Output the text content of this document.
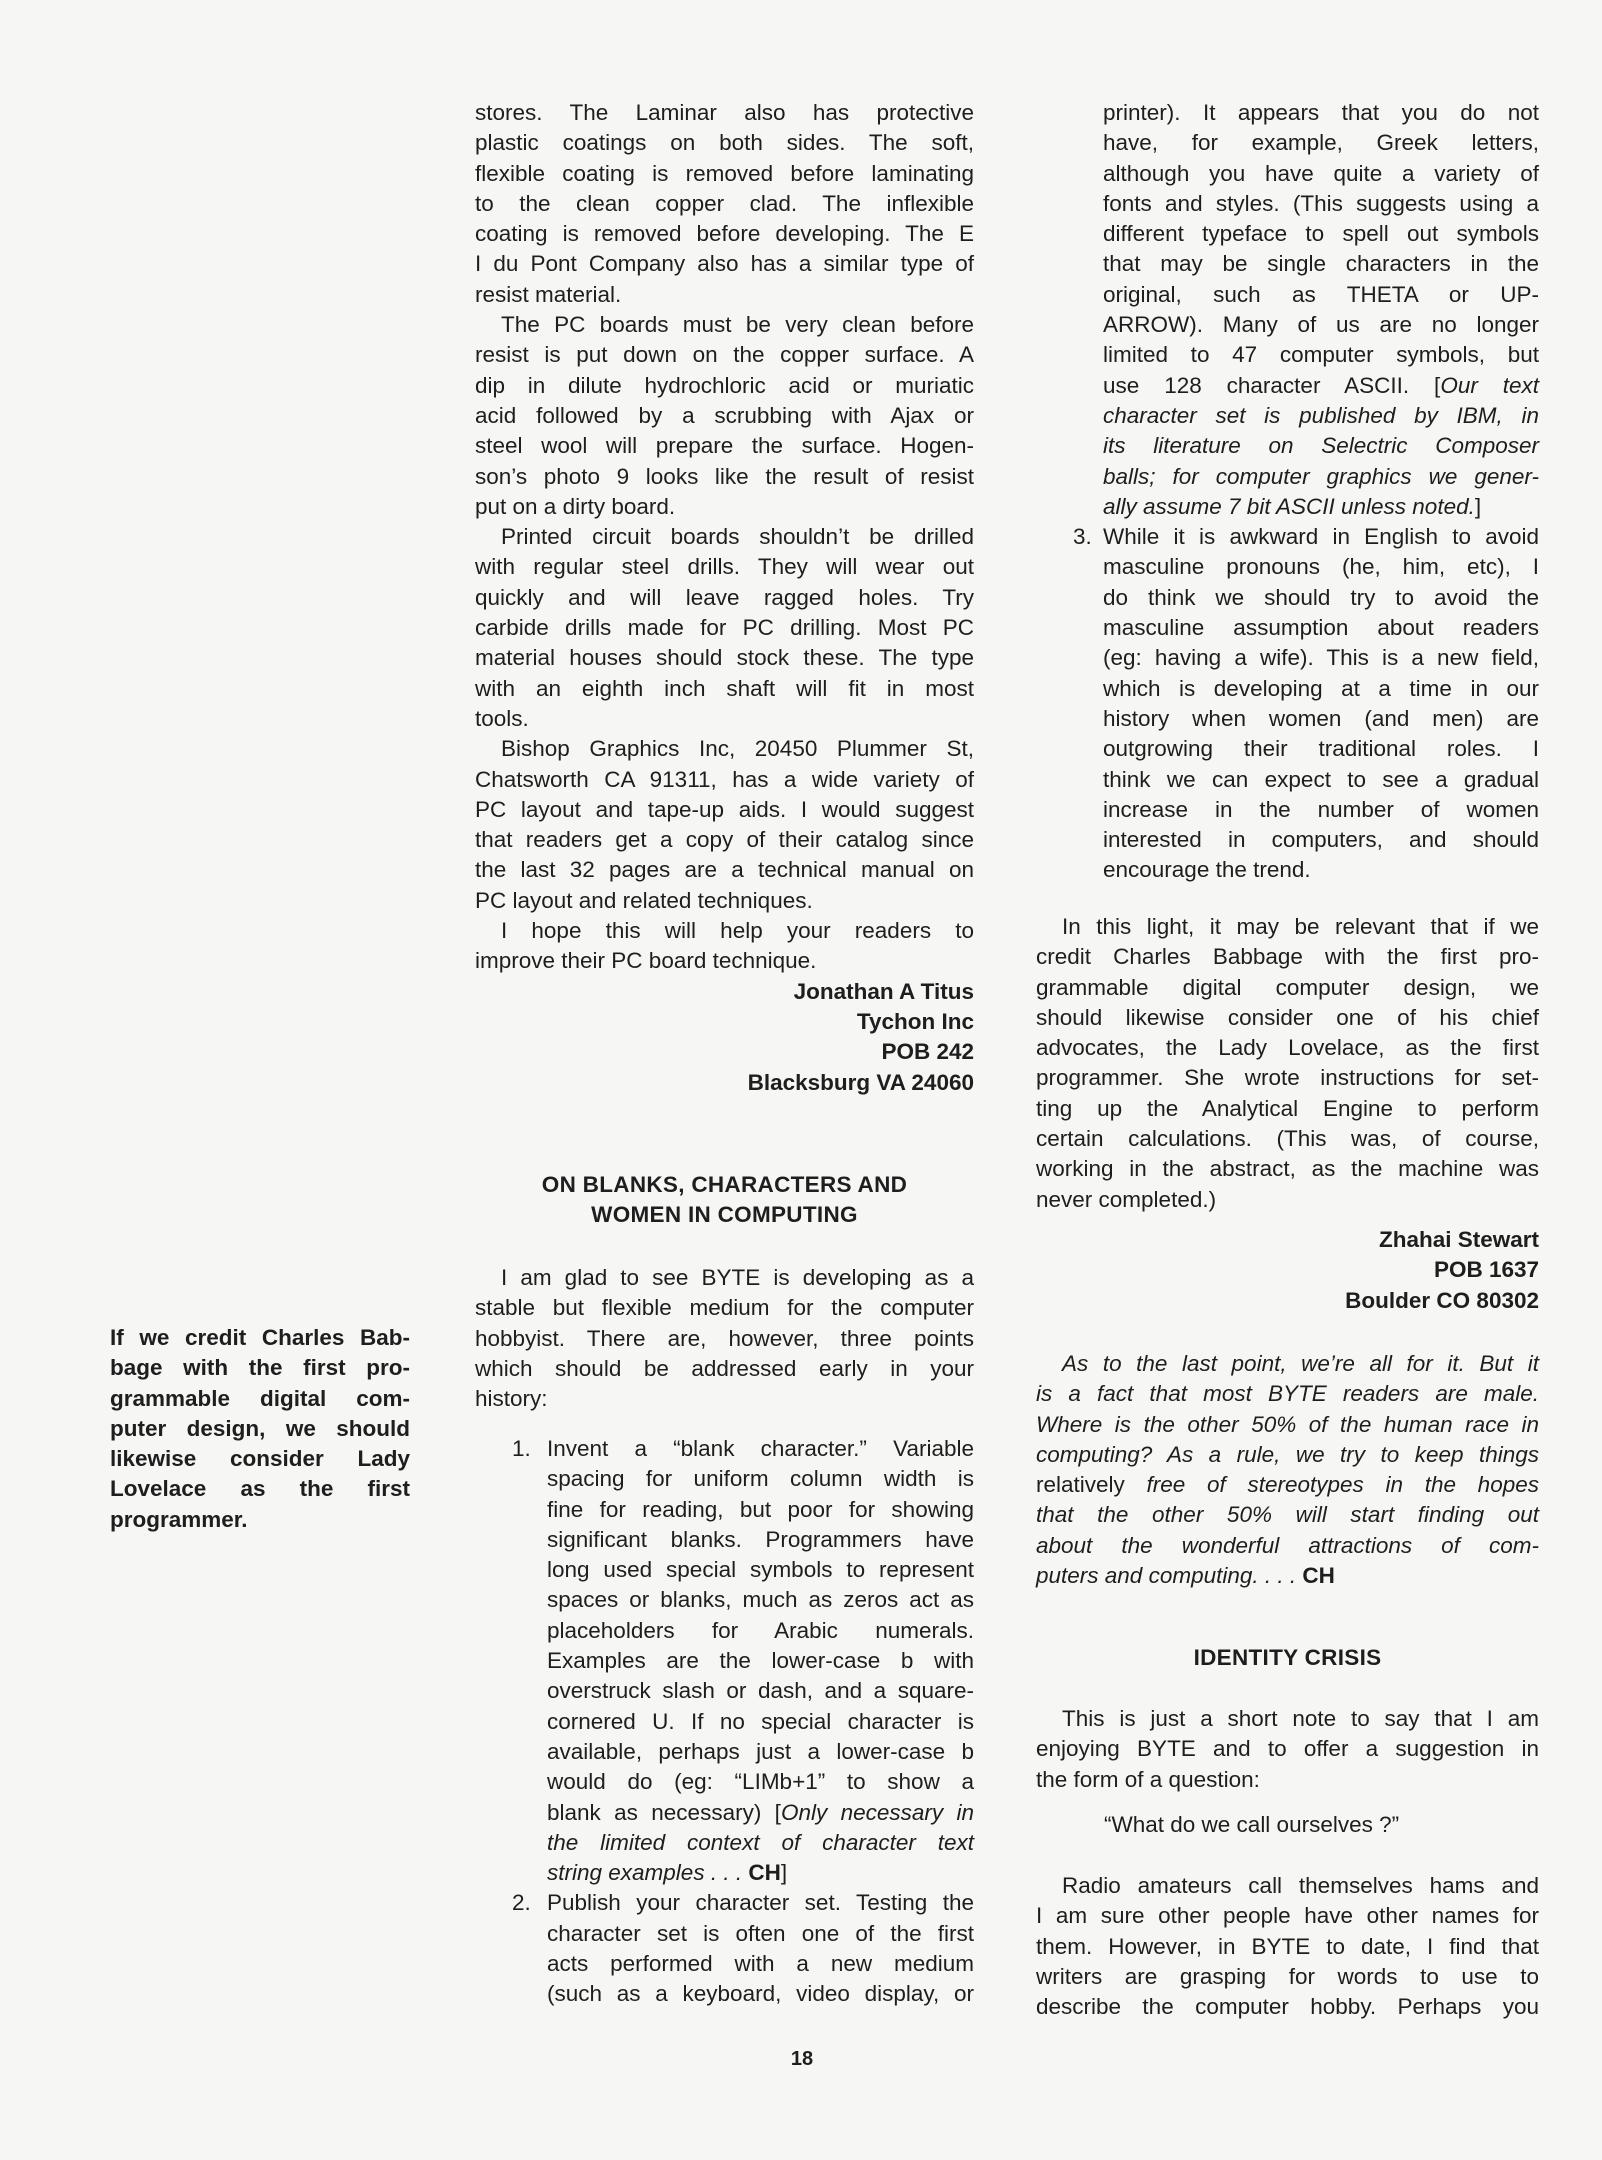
stores. The Laminar also has protective
plastic coatings on both sides. The soft,
flexible coating is removed before laminating
to the clean copper clad. The inflexible
coating is removed before developing. The E
I du Pont Company also has a similar type of
resist material.
The PC boards must be very clean before
resist is put down on the copper surface. A
dip in dilute hydrochloric acid or muriatic
acid followed by a scrubbing with Ajax or
steel wool will prepare the surface. Hogen-
son’s photo 9 looks like the result of resist
put on a dirty board.
Printed circuit boards shouldn’t be drilled
with regular steel drills. They will wear out
quickly and will leave ragged holes. Try
carbide drills made for PC drilling. Most PC
material houses should stock these. The type
with an eighth inch shaft will fit in most
tools.
Bishop Graphics Inc, 20450 Plummer St,
Chatsworth CA 91311, has a wide variety of
PC layout and tape-up aids. I would suggest
that readers get a copy of their catalog since
the last 32 pages are a technical manual on
PC layout and related techniques.
I hope this will help your readers to
improve their PC board technique.
Jonathan A Titus
Tychon Inc
POB 242
Blacksburg VA 24060
ON BLANKS, CHARACTERS AND
WOMEN IN COMPUTING
I am glad to see BYTE is developing as a
stable but flexible medium for the computer
hobbyist. There are, however, three points
which should be addressed early in your
history:
1. Invent a “blank character.” Variable
spacing for uniform column width is
fine for reading, but poor for showing
significant blanks. Programmers have
long used special symbols to represent
spaces or blanks, much as zeros act as
placeholders for Arabic numerals.
Examples are the lower-case b with
overstruck slash or dash, and a square-
cornered U. If no special character is
available, perhaps just a lower-case b
would do (eg: “LIMb+1” to show a
blank as necessary) [Only necessary in
the limited context of character text
string examples . . . CH]
2. Publish your character set. Testing the
character set is often one of the first
acts performed with a new medium
(such as a keyboard, video display, or
printer). It appears that you do not
have, for example, Greek letters,
although you have quite a variety of
fonts and styles. (This suggests using a
different typeface to spell out symbols
that may be single characters in the
original, such as THETA or UP-
ARROW). Many of us are no longer
limited to 47 computer symbols, but
use 128 character ASCII. [Our text
character set is published by IBM, in
its literature on Selectric Composer
balls; for computer graphics we gener-
ally assume 7 bit ASCII unless noted.]
3. While it is awkward in English to avoid
masculine pronouns (he, him, etc), I
do think we should try to avoid the
masculine assumption about readers
(eg: having a wife). This is a new field,
which is developing at a time in our
history when women (and men) are
outgrowing their traditional roles. I
think we can expect to see a gradual
increase in the number of women
interested in computers, and should
encourage the trend.
In this light, it may be relevant that if we
credit Charles Babbage with the first pro-
grammable digital computer design, we
should likewise consider one of his chief
advocates, the Lady Lovelace, as the first
programmer. She wrote instructions for set-
ting up the Analytical Engine to perform
certain calculations. (This was, of course,
working in the abstract, as the machine was
never completed.)
Zhahai Stewart
POB 1637
Boulder CO 80302
As to the last point, we’re all for it. But it
is a fact that most BYTE readers are male.
Where is the other 50% of the human race in
computing? As a rule, we try to keep things
relatively free of stereotypes in the hopes
that the other 50% will start finding out
about the wonderful attractions of com-
puters and computing. . . . CH
IDENTITY CRISIS
This is just a short note to say that I am
enjoying BYTE and to offer a suggestion in
the form of a question:
“What do we call ourselves ?”
Radio amateurs call themselves hams and
I am sure other people have other names for
them. However, in BYTE to date, I find that
writers are grasping for words to use to
describe the computer hobby. Perhaps you
If we credit Charles Bab-
bage with the first pro-
grammable digital com-
puter design, we should
likewise consider Lady
Lovelace as the first
programmer.
18
